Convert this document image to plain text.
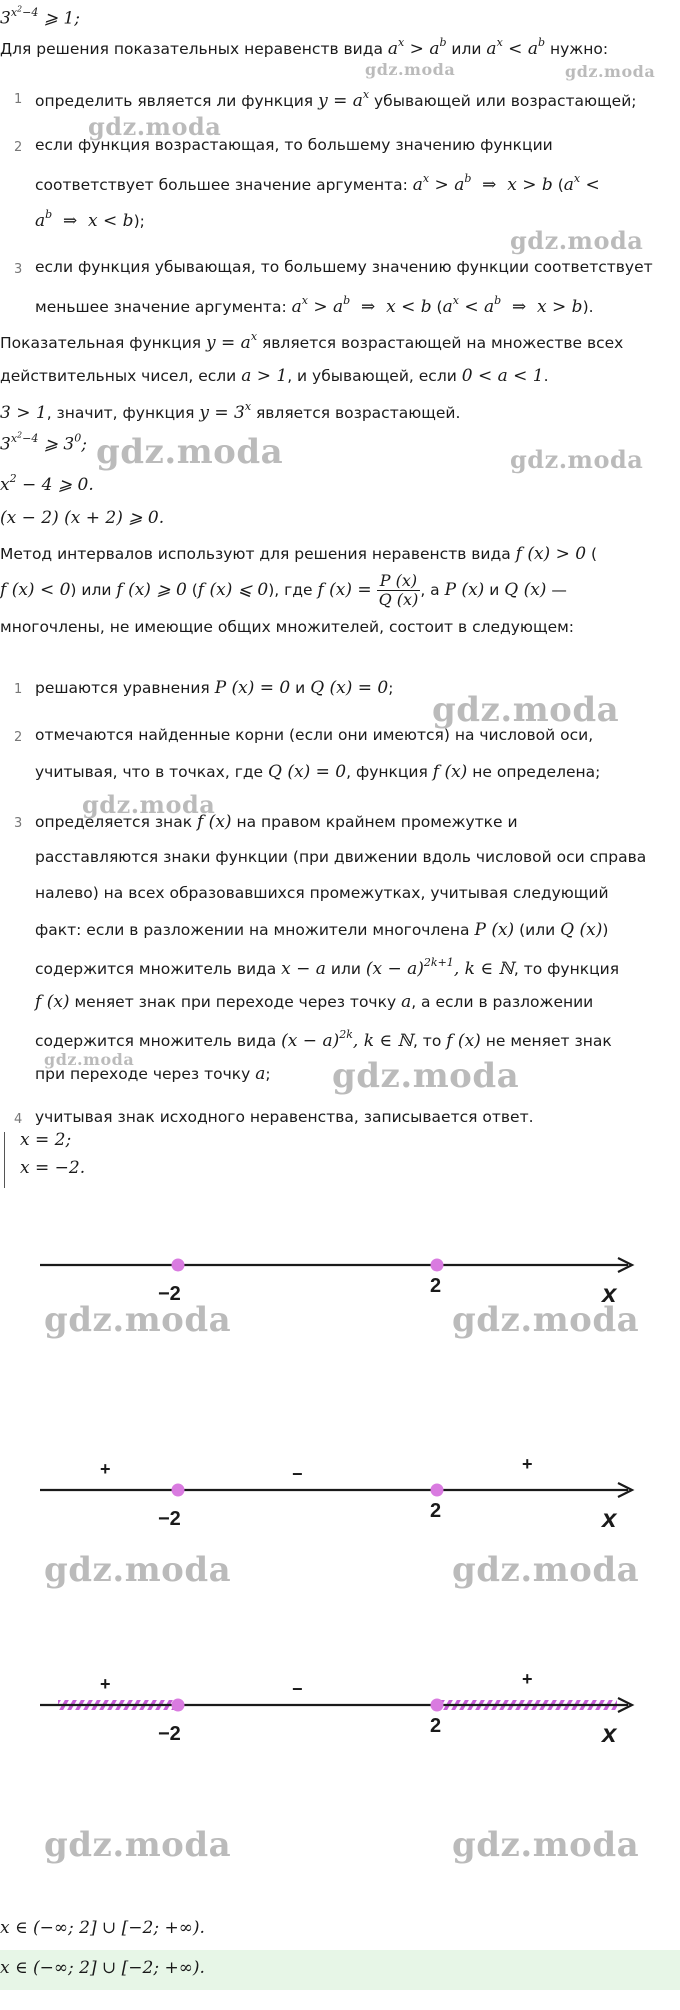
$3^{x^2-4}$ ⩾ 1;
Для решения показательных неравенств вида $a^x > a^b$ или $a^x < a^b$ нужно:
1 определить является ли функция $y = a^x$ убывающей или возрастающей;
2 если функция возрастающая, то большему значению функции
соответствует большее значение аргумента: $a^x > a^b$  ⇒  x > b ($a^x$ <
$a^b$  ⇒  x < b);
3 если функция убывающая, то большему значению функции соответствует
меньшее значение аргумента: $a^x > a^b$  ⇒  x < b ($a^x < a^b$  ⇒  x > b).
Показательная функция $y = a^x$ является возрастающей на множестве всех
действительных чисел, если a > 1, и убывающей, если 0 < a < 1.
3 > 1, значит, функция $y = 3^x$ является возрастающей.
$3^{x^2-4}$ ⩾ $3^0$;
$x^2 - 4$ ⩾ 0.
(x − 2) (x + 2) ⩾ 0.
Метод интервалов используют для решения неравенств вида f (x) > 0 (
f (x) < 0) или f (x) ⩾ 0 (f (x) ⩽ 0), где f $(x) = \frac{P (x)}{Q (x)}$ , а P (x) и Q (x) —
многочлены, не имеющие общих множителей, состоит в следующем:
1 решаются уравнения P (x) = 0 и Q (x) = 0;
2 отмечаются найденные корни (если они имеются) на числовой оси,
учитывая, что в точках, где Q (x) = 0, функция f (x) не определена;
3 определяется знак f (x) на правом крайнем промежутке и
расставляются знаки функции (при движении вдоль числовой оси справа
налево) на всех образовавшихся промежутках, учитывая следующий
факт: если в разложении на множители многочлена P (x) (или Q (x))
содержится множитель вида x − a или $(x - a)^{2k+1}$, k ∈ ℕ, то функция
f (x) меняет знак при переходе через точку a, а если в разложении
содержится множитель вида $(x - a)^{2k}$, k ∈ ℕ, то f (x) не меняет знак
при переходе через точку a;
4 учитывая знак исходного неравенства, записывается ответ.
x = 2;
x = −2.
−2	2	x
+	−	+
−2	2	x
+	−	+
−2	2	x
x ∈ (−∞; 2] ∪ [−2; +∞).
x ∈ (−∞; 2] ∪ [−2; +∞).
gdz.moda	gdz.moda
gdz.moda
gdz.moda
gdz.moda	gdz.moda
gdz.moda
gdz.moda
gdz.moda	gdz.moda
gdz.moda	gdz.moda
gdz.moda	gdz.moda
gdz.moda	gdz.moda
